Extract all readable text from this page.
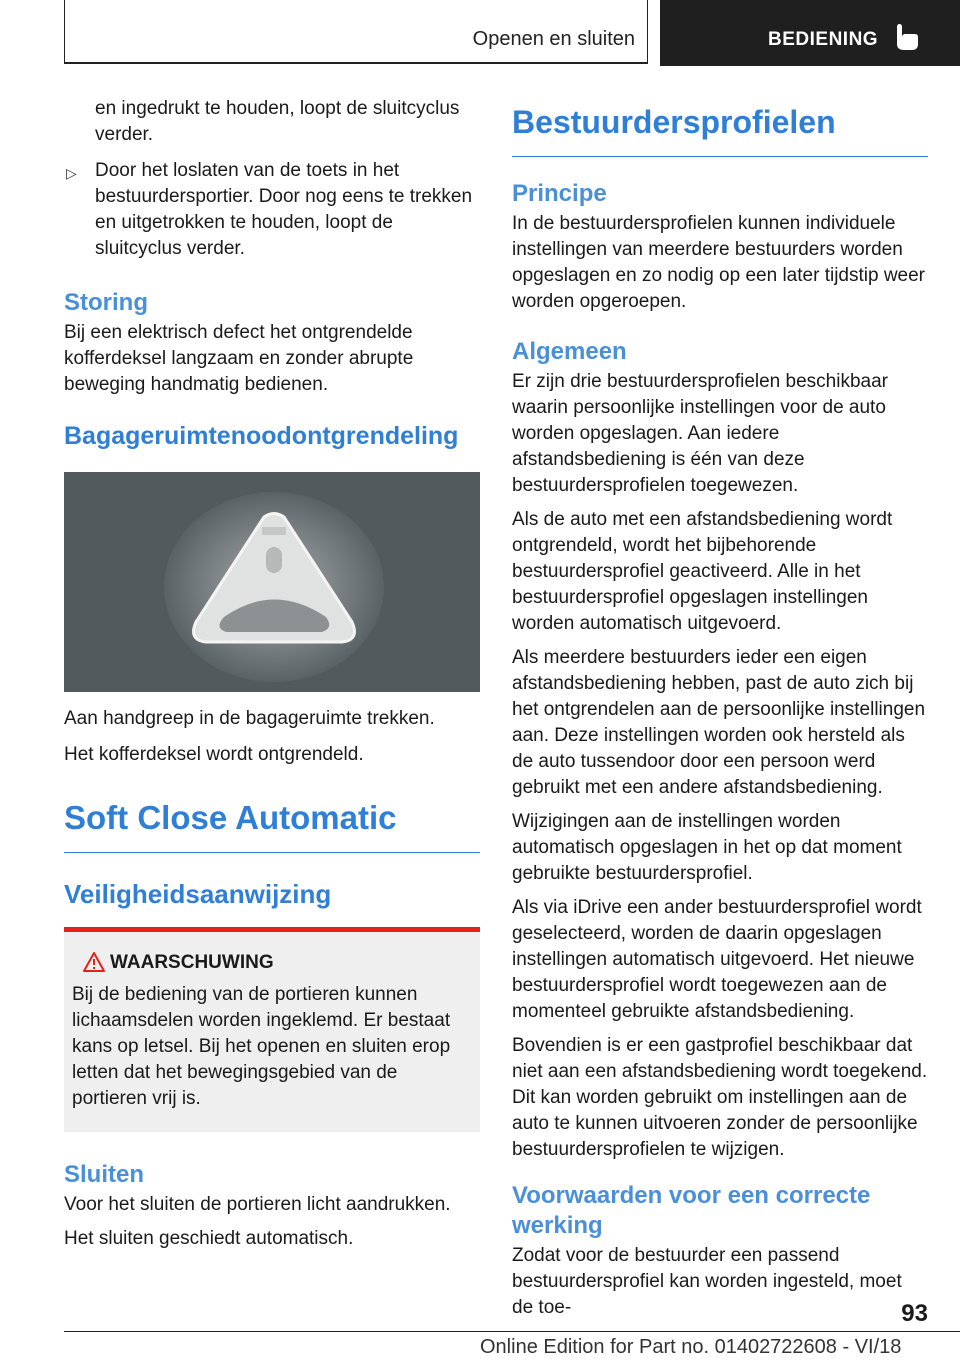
Openen en sluiten	BEDIENING

en ingedrukt te houden, loopt de sluitcyclus verder.

▷ Door het loslaten van de toets in het bestuurdersportier. Door nog eens te trekken en uitgetrokken te houden, loopt de sluitcyclus verder.

Storing

Bij een elektrisch defect het ontgrendelde kofferdeksel langzaam en zonder abrupte beweging handmatig bedienen.

Bagageruimtenoodontgrendeling

Aan handgreep in de bagageruimte trekken.

Het kofferdeksel wordt ontgrendeld.

Soft Close Automatic
Veiligheidsaanwijzing
WAARSCHUWING

Bij de bediening van de portieren kunnen lichaamsdelen worden ingeklemd. Er bestaat kans op letsel. Bij het openen en sluiten erop letten dat het bewegingsgebied van de portieren vrij is.

Sluiten

Voor het sluiten de portieren licht aandrukken.

Het sluiten geschiedt automatisch.

Bestuurdersprofielen
Principe

In de bestuurdersprofielen kunnen individuele instellingen van meerdere bestuurders worden opgeslagen en zo nodig op een later tijdstip weer worden opgeroepen.

Algemeen

Er zijn drie bestuurdersprofielen beschikbaar waarin persoonlijke instellingen voor de auto worden opgeslagen. Aan iedere afstandsbediening is één van deze bestuurdersprofielen toegewezen.

Als de auto met een afstandsbediening wordt ontgrendeld, wordt het bijbehorende bestuurdersprofiel geactiveerd. Alle in het bestuurdersprofiel opgeslagen instellingen worden automatisch uitgevoerd.

Als meerdere bestuurders ieder een eigen afstandsbediening hebben, past de auto zich bij het ontgrendelen aan de persoonlijke instellingen aan. Deze instellingen worden ook hersteld als de auto tussendoor door een persoon werd gebruikt met een andere afstandsbediening.

Wijzigingen aan de instellingen worden automatisch opgeslagen in het op dat moment gebruikte bestuurdersprofiel.

Als via iDrive een ander bestuurdersprofiel wordt geselecteerd, worden de daarin opgeslagen instellingen automatisch uitgevoerd. Het nieuwe bestuurdersprofiel wordt toegewezen aan de momenteel gebruikte afstandsbediening.

Bovendien is er een gastprofiel beschikbaar dat niet aan een afstandsbediening wordt toegekend. Dit kan worden gebruikt om instellingen aan de auto te kunnen uitvoeren zonder de persoonlijke bestuurdersprofielen te wijzigen.

Voorwaarden voor een correcte werking

Zodat voor de bestuurder een passend bestuurdersprofiel kan worden ingesteld, moet de toe-	93
Online Edition for Part no. 01402722608 - VI/18
